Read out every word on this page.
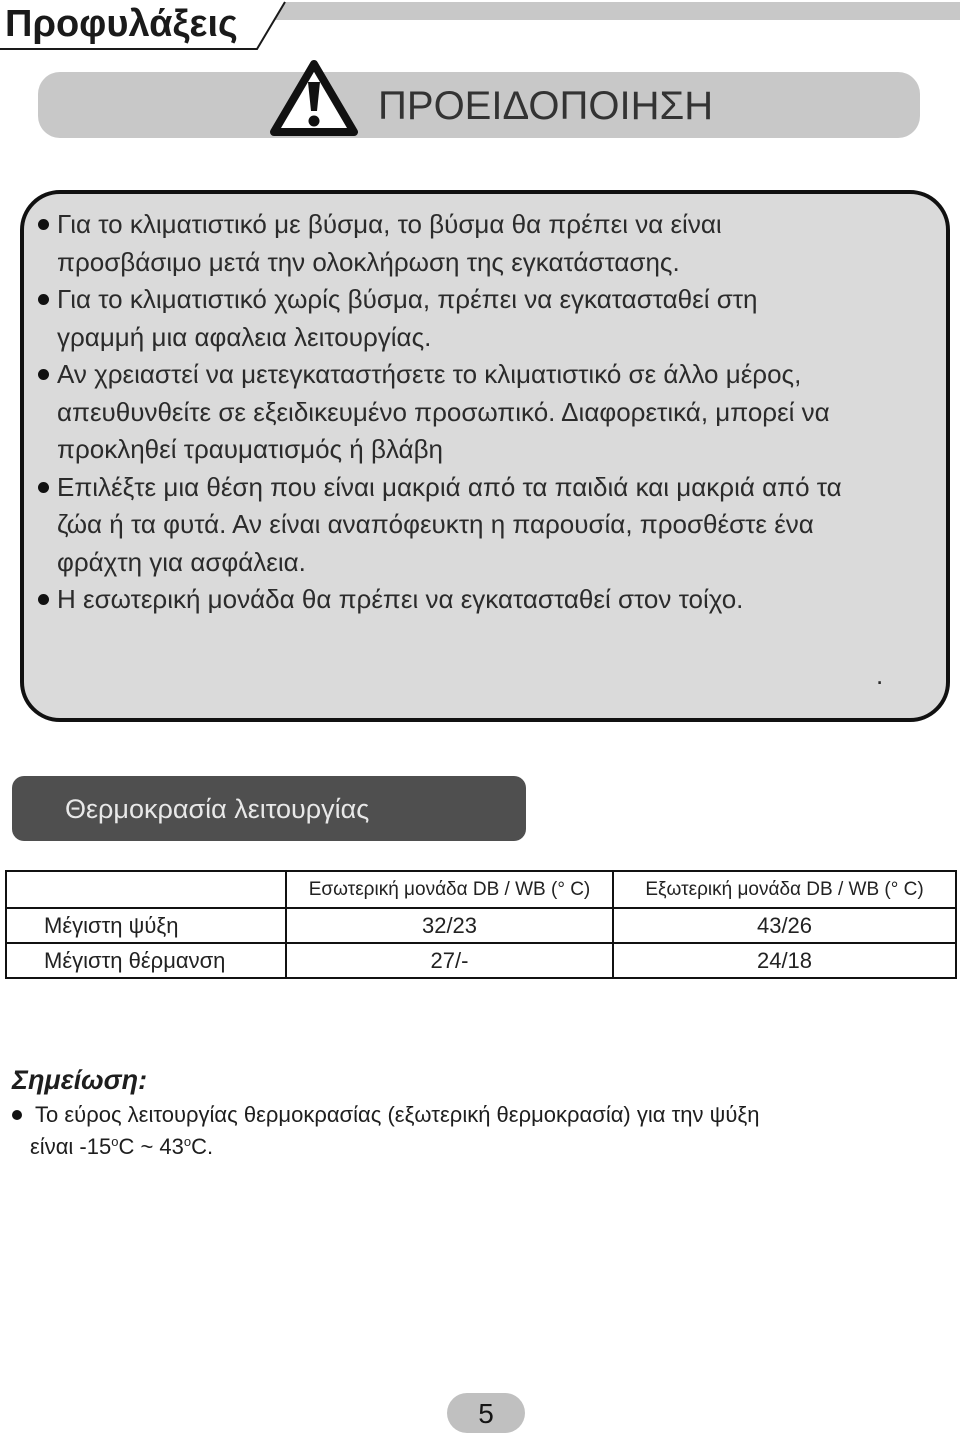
Προφυλάξεις
ΠΡΟΕΙΔΟΠΟΙΗΣΗ
Για το κλιματιστικό με βύσμα, το βύσμα θα πρέπει να είναι
προσβάσιμο μετά την ολοκλήρωση της εγκατάστασης.
Για το κλιματιστικό χωρίς βύσμα, πρέπει να εγκατασταθεί στη
γραμμή μια αφαλεια λειτουργίας.
Αν χρειαστεί να μετεγκαταστήσετε το κλιματιστικό σε άλλο μέρος,
απευθυνθείτε σε εξειδικευμένο προσωπικό. Διαφορετικά, μπορεί να
προκληθεί τραυματισμός ή βλάβη
Επιλέξτε μια θέση που είναι μακριά από τα παιδιά και μακριά από τα
ζώα ή τα φυτά. Αν είναι αναπόφευκτη η παρουσία, προσθέστε ένα
φράχτη για ασφάλεια.
Η εσωτερική μονάδα θα πρέπει να εγκατασταθεί στον τοίχο.
.
Θερμοκρασία λειτουργίας
	Εσωτερική μονάδα DB / WB (° C)	Εξωτερική μονάδα DB / WB (° C)
Μέγιστη ψύξη	32/23	43/26
Μέγιστη θέρμανση	27/-	24/18
Σημείωση:
Το εύρος λειτουργίας θερμοκρασίας (εξωτερική θερμοκρασία) για την ψύξη
είναι -15$^o$C ~ 43$^o$C.
5
